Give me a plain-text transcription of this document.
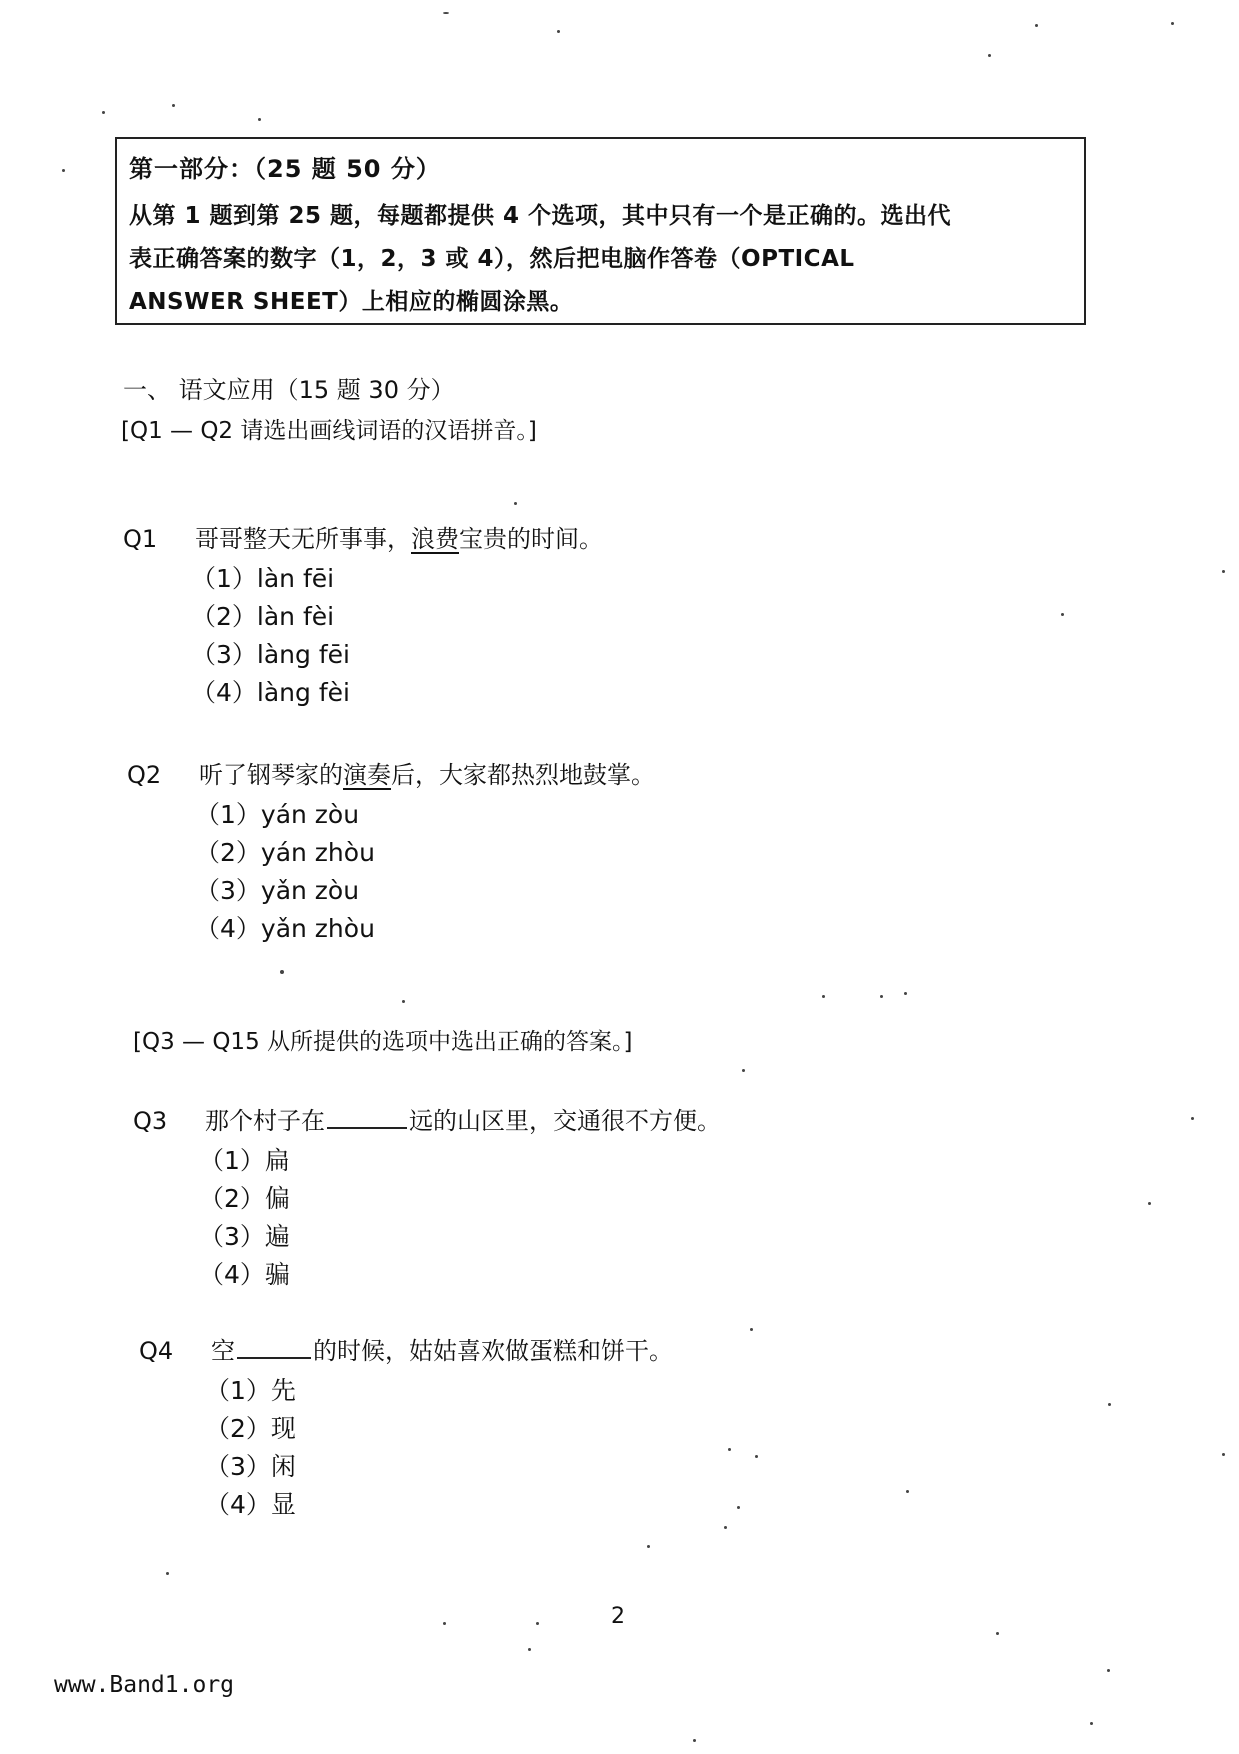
第一部分：（25 题 50 分）
从第 1 题到第 25 题，每题都提供 4 个选项，其中只有一个是正确的。选出代
表正确答案的数字（1，2，3 或 4），然后把电脑作答卷（OPTICAL
ANSWER SHEET）上相应的椭圆涂黑。
一、 语文应用（15 题 30 分）
[Q1 — Q2 请选出画线词语的汉语拼音。]
Q1	哥哥整天无所事事，浪费宝贵的时间。
（1）làn fēi
（2）làn fèi
（3）làng fēi
（4）làng fèi
Q2	听了钢琴家的演奏后，大家都热烈地鼓掌。
（1）yán zòu
（2）yán zhòu
（3）yǎn zòu
（4）yǎn zhòu
[Q3 — Q15 从所提供的选项中选出正确的答案。]
Q3	那个村子在	远的山区里，交通很不方便。
（1）扁
（2）偏
（3）遍
（4）骗
Q4	空	的时候，姑姑喜欢做蛋糕和饼干。
（1）先
（2）现
（3）闲
（4）显
2
www.Band1.org
